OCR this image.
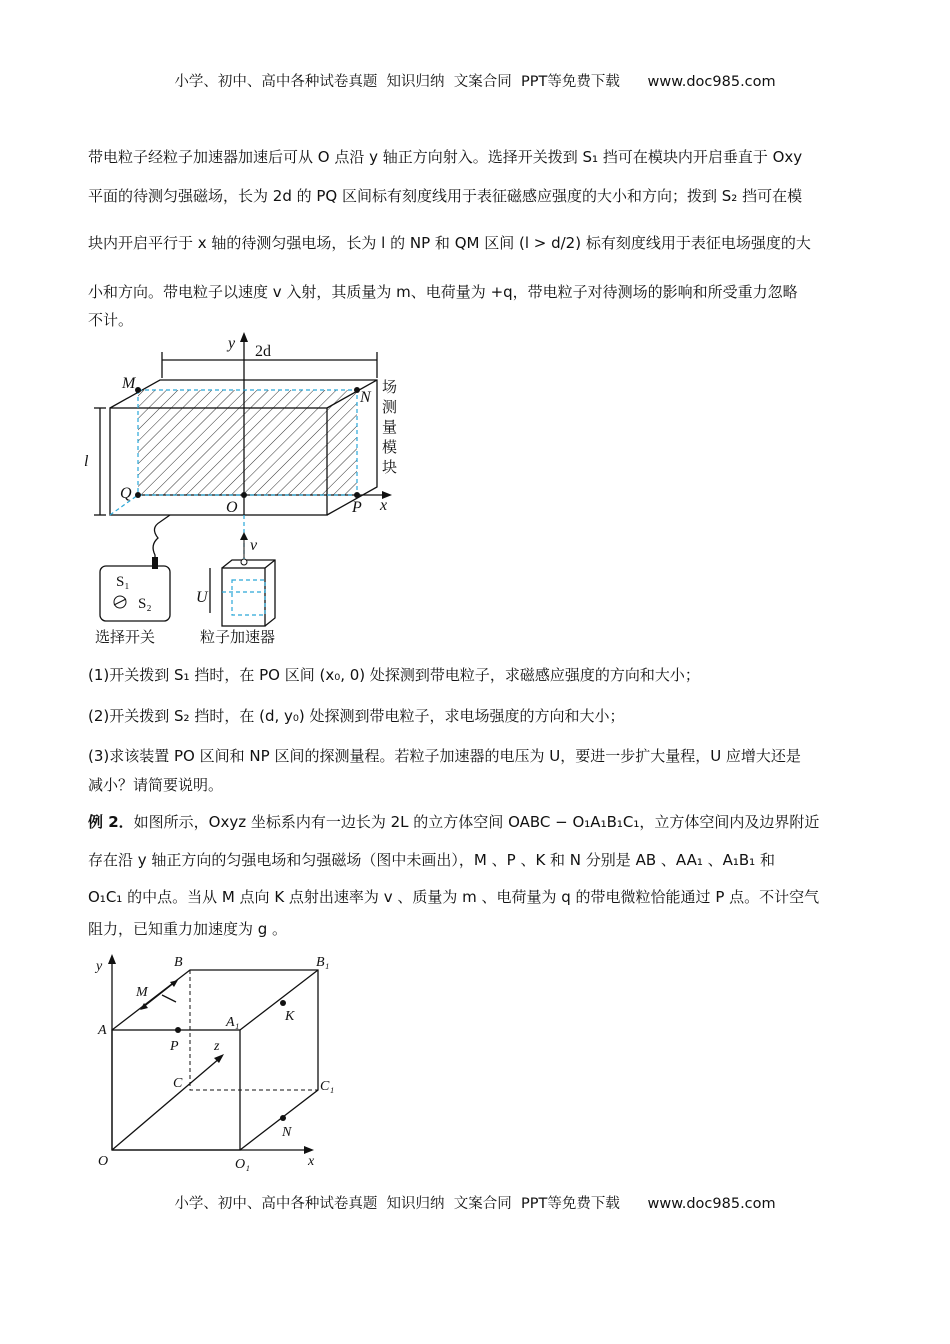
小学、初中、高中各种试卷真题  知识归纳  文案合同  PPT等免费下载      www.doc985.com
带电粒子经粒子加速器加速后可从 O 点沿 y 轴正方向射入。选择开关拨到 S₁ 挡可在模块内开启垂直于 Oxy
平面的待测匀强磁场，长为 2d 的 PQ 区间标有刻度线用于表征磁感应强度的大小和方向；拨到 S₂ 挡可在模
块内开启平行于 x 轴的待测匀强电场，长为 l 的 NP 和 QM 区间 (l > d/2) 标有刻度线用于表征电场强度的大
小和方向。带电粒子以速度 v 入射，其质量为 m、电荷量为 +q，带电粒子对待测场的影响和所受重力忽略
不计。
y
x
2d
l
M
N
Q
O	P
v
U
场
测
量
模
块
S₁
S₂
选择开关	粒子加速器
(1)开关拨到 S₁ 挡时，在 PO 区间 (x₀, 0) 处探测到带电粒子，求磁感应强度的方向和大小；
(2)开关拨到 S₂ 挡时，在 (d, y₀) 处探测到带电粒子，求电场强度的方向和大小；
(3)求该装置 PO 区间和 NP 区间的探测量程。若粒子加速器的电压为 U，要进一步扩大量程，U 应增大还是
减小？请简要说明。
例 2．如图所示，Oxyz 坐标系内有一边长为 2L 的立方体空间 OABC − O₁A₁B₁C₁，立方体空间内及边界附近
存在沿 y 轴正方向的匀强电场和匀强磁场（图中未画出），M 、P 、K 和 N 分别是 AB 、AA₁ 、A₁B₁ 和
O₁C₁ 的中点。当从 M 点向 K 点射出速率为 v 、质量为 m 、电荷量为 q 的带电微粒恰能通过 P 点。不计空气
阻力，已知重力加速度为 g 。
y
x
z
O	O₁
A
A₁
B	B₁
C	C₁
M
P
K
N
小学、初中、高中各种试卷真题  知识归纳  文案合同  PPT等免费下载      www.doc985.com
